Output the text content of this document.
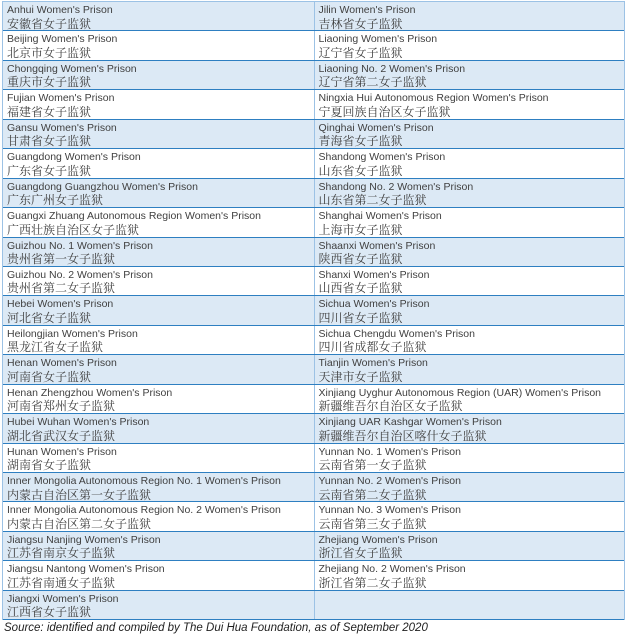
Anhui Women's Prison
安徽省女子监狱
Jilin Women's Prison
吉林省女子监狱
Beijing Women's Prison
北京市女子监狱
Liaoning Women's Prison
辽宁省女子监狱
Chongqing Women's Prison
重庆市女子监狱
Liaoning No. 2 Women's Prison
辽宁省第二女子监狱
Fujian Women's Prison
福建省女子监狱
Ningxia Hui Autonomous Region Women's Prison
宁夏回族自治区女子监狱
Gansu Women's Prison
甘肃省女子监狱
Qinghai Women's Prison
青海省女子监狱
Guangdong Women's Prison
广东省女子监狱
Shandong Women's Prison
山东省女子监狱
Guangdong Guangzhou Women's Prison
广东广州女子监狱
Shandong No. 2 Women's Prison
山东省第二女子监狱
Guangxi Zhuang Autonomous Region Women's Prison
广西壮族自治区女子监狱
Shanghai Women's Prison
上海市女子监狱
Guizhou No. 1 Women's Prison
贵州省第一女子监狱
Shaanxi Women's Prison
陕西省女子监狱
Guizhou No. 2 Women's Prison
贵州省第二女子监狱
Shanxi Women's Prison
山西省女子监狱
Hebei Women's Prison
河北省女子监狱
Sichua Women's Prison
四川省女子监狱
Heilongjian Women's Prison
黑龙江省女子监狱
Sichua Chengdu Women's Prison
四川省成都女子监狱
Henan Women's Prison
河南省女子监狱
Tianjin Women's Prison
天津市女子监狱
Henan Zhengzhou Women's Prison
河南省郑州女子监狱
Xinjiang Uyghur Autonomous Region (UAR) Women's Prison
新疆维吾尔自治区女子监狱
Hubei Wuhan Women's Prison
湖北省武汉女子监狱
Xinjiang UAR Kashgar Women's Prison
新疆维吾尔自治区喀什女子监狱
Hunan Women's Prison
湖南省女子监狱
Yunnan No. 1 Women's Prison
云南省第一女子监狱
Inner Mongolia Autonomous Region No. 1 Women's Prison
内蒙古自治区第一女子监狱
Yunnan No. 2 Women's Prison
云南省第二女子监狱
Inner Mongolia Autonomous Region No. 2 Women's Prison
内蒙古自治区第二女子监狱
Yunnan No. 3 Women's Prison
云南省第三女子监狱
Jiangsu Nanjing Women's Prison
江苏省南京女子监狱
Zhejiang Women's Prison
浙江省女子监狱
Jiangsu Nantong Women's Prison
江苏省南通女子监狱
Zhejiang No. 2 Women's Prison
浙江省第二女子监狱
Jiangxi Women's Prison
江西省女子监狱
Source: identified and compiled by The Dui Hua Foundation, as of September 2020
